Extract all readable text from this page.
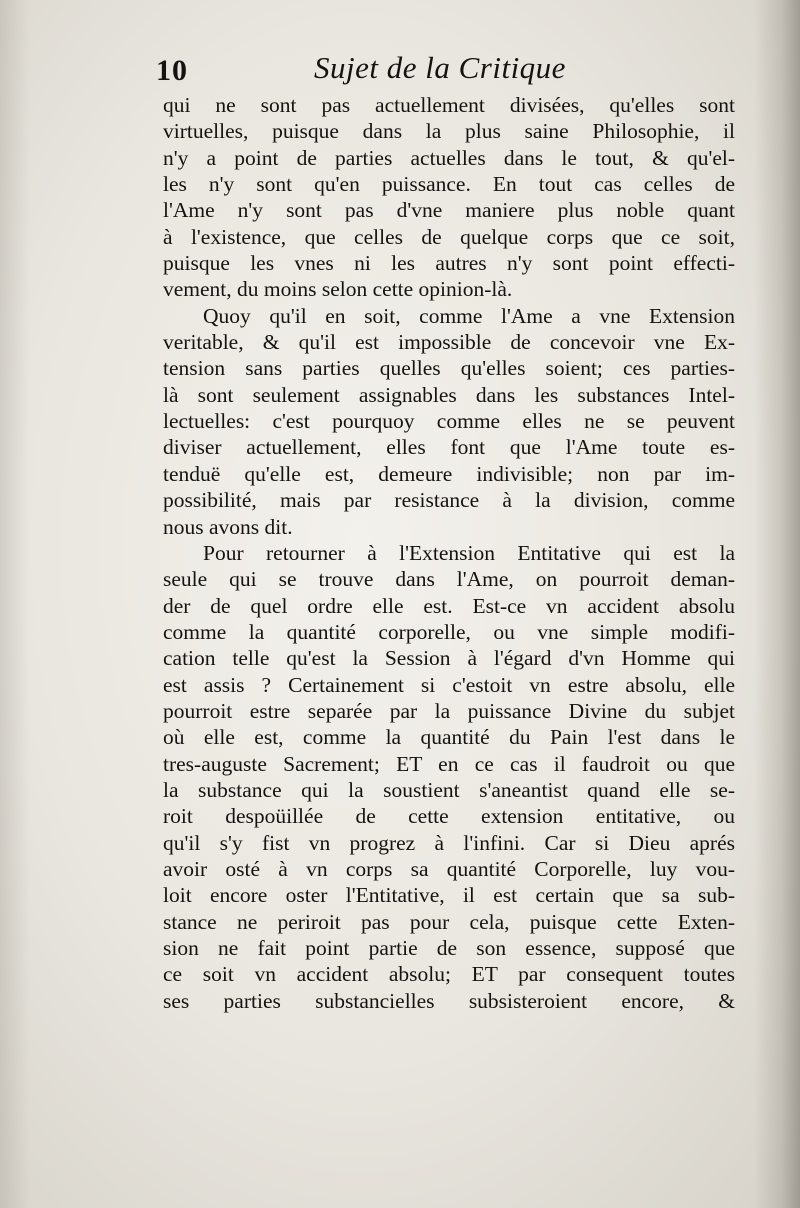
10	Sujet de la Critique
qui ne sont pas actuellement divisées, qu'elles sont
virtuelles, puisque dans la plus saine Philosophie, il
n'y a point de parties actuelles dans le tout, & qu'el-
les n'y sont qu'en puissance. En tout cas celles de
l'Ame n'y sont pas d'vne maniere plus noble quant
à l'existence, que celles de quelque corps que ce soit,
puisque les vnes ni les autres n'y sont point effecti-
vement, du moins selon cette opinion-là.
Quoy qu'il en soit, comme l'Ame a vne Extension
veritable, & qu'il est impossible de concevoir vne Ex-
tension sans parties quelles qu'elles soient; ces parties-
là sont seulement assignables dans les substances Intel-
lectuelles: c'est pourquoy comme elles ne se peuvent
diviser actuellement, elles font que l'Ame toute es-
tenduë qu'elle est, demeure indivisible; non par im-
possibilité, mais par resistance à la division, comme
nous avons dit.
Pour retourner à l'Extension Entitative qui est la
seule qui se trouve dans l'Ame, on pourroit deman-
der de quel ordre elle est. Est-ce vn accident absolu
comme la quantité corporelle, ou vne simple modifi-
cation telle qu'est la Session à l'égard d'vn Homme qui
est assis ? Certainement si c'estoit vn estre absolu, elle
pourroit estre separée par la puissance Divine du subjet
où elle est, comme la quantité du Pain l'est dans le
tres-auguste Sacrement; ET en ce cas il faudroit ou que
la substance qui la soustient s'aneantist quand elle se-
roit despoüillée de cette extension entitative, ou
qu'il s'y fist vn progrez à l'infini. Car si Dieu aprés
avoir osté à vn corps sa quantité Corporelle, luy vou-
loit encore oster l'Entitative, il est certain que sa sub-
stance ne periroit pas pour cela, puisque cette Exten-
sion ne fait point partie de son essence, supposé que
ce soit vn accident absolu; ET par consequent toutes
ses parties substancielles subsisteroient encore, &
